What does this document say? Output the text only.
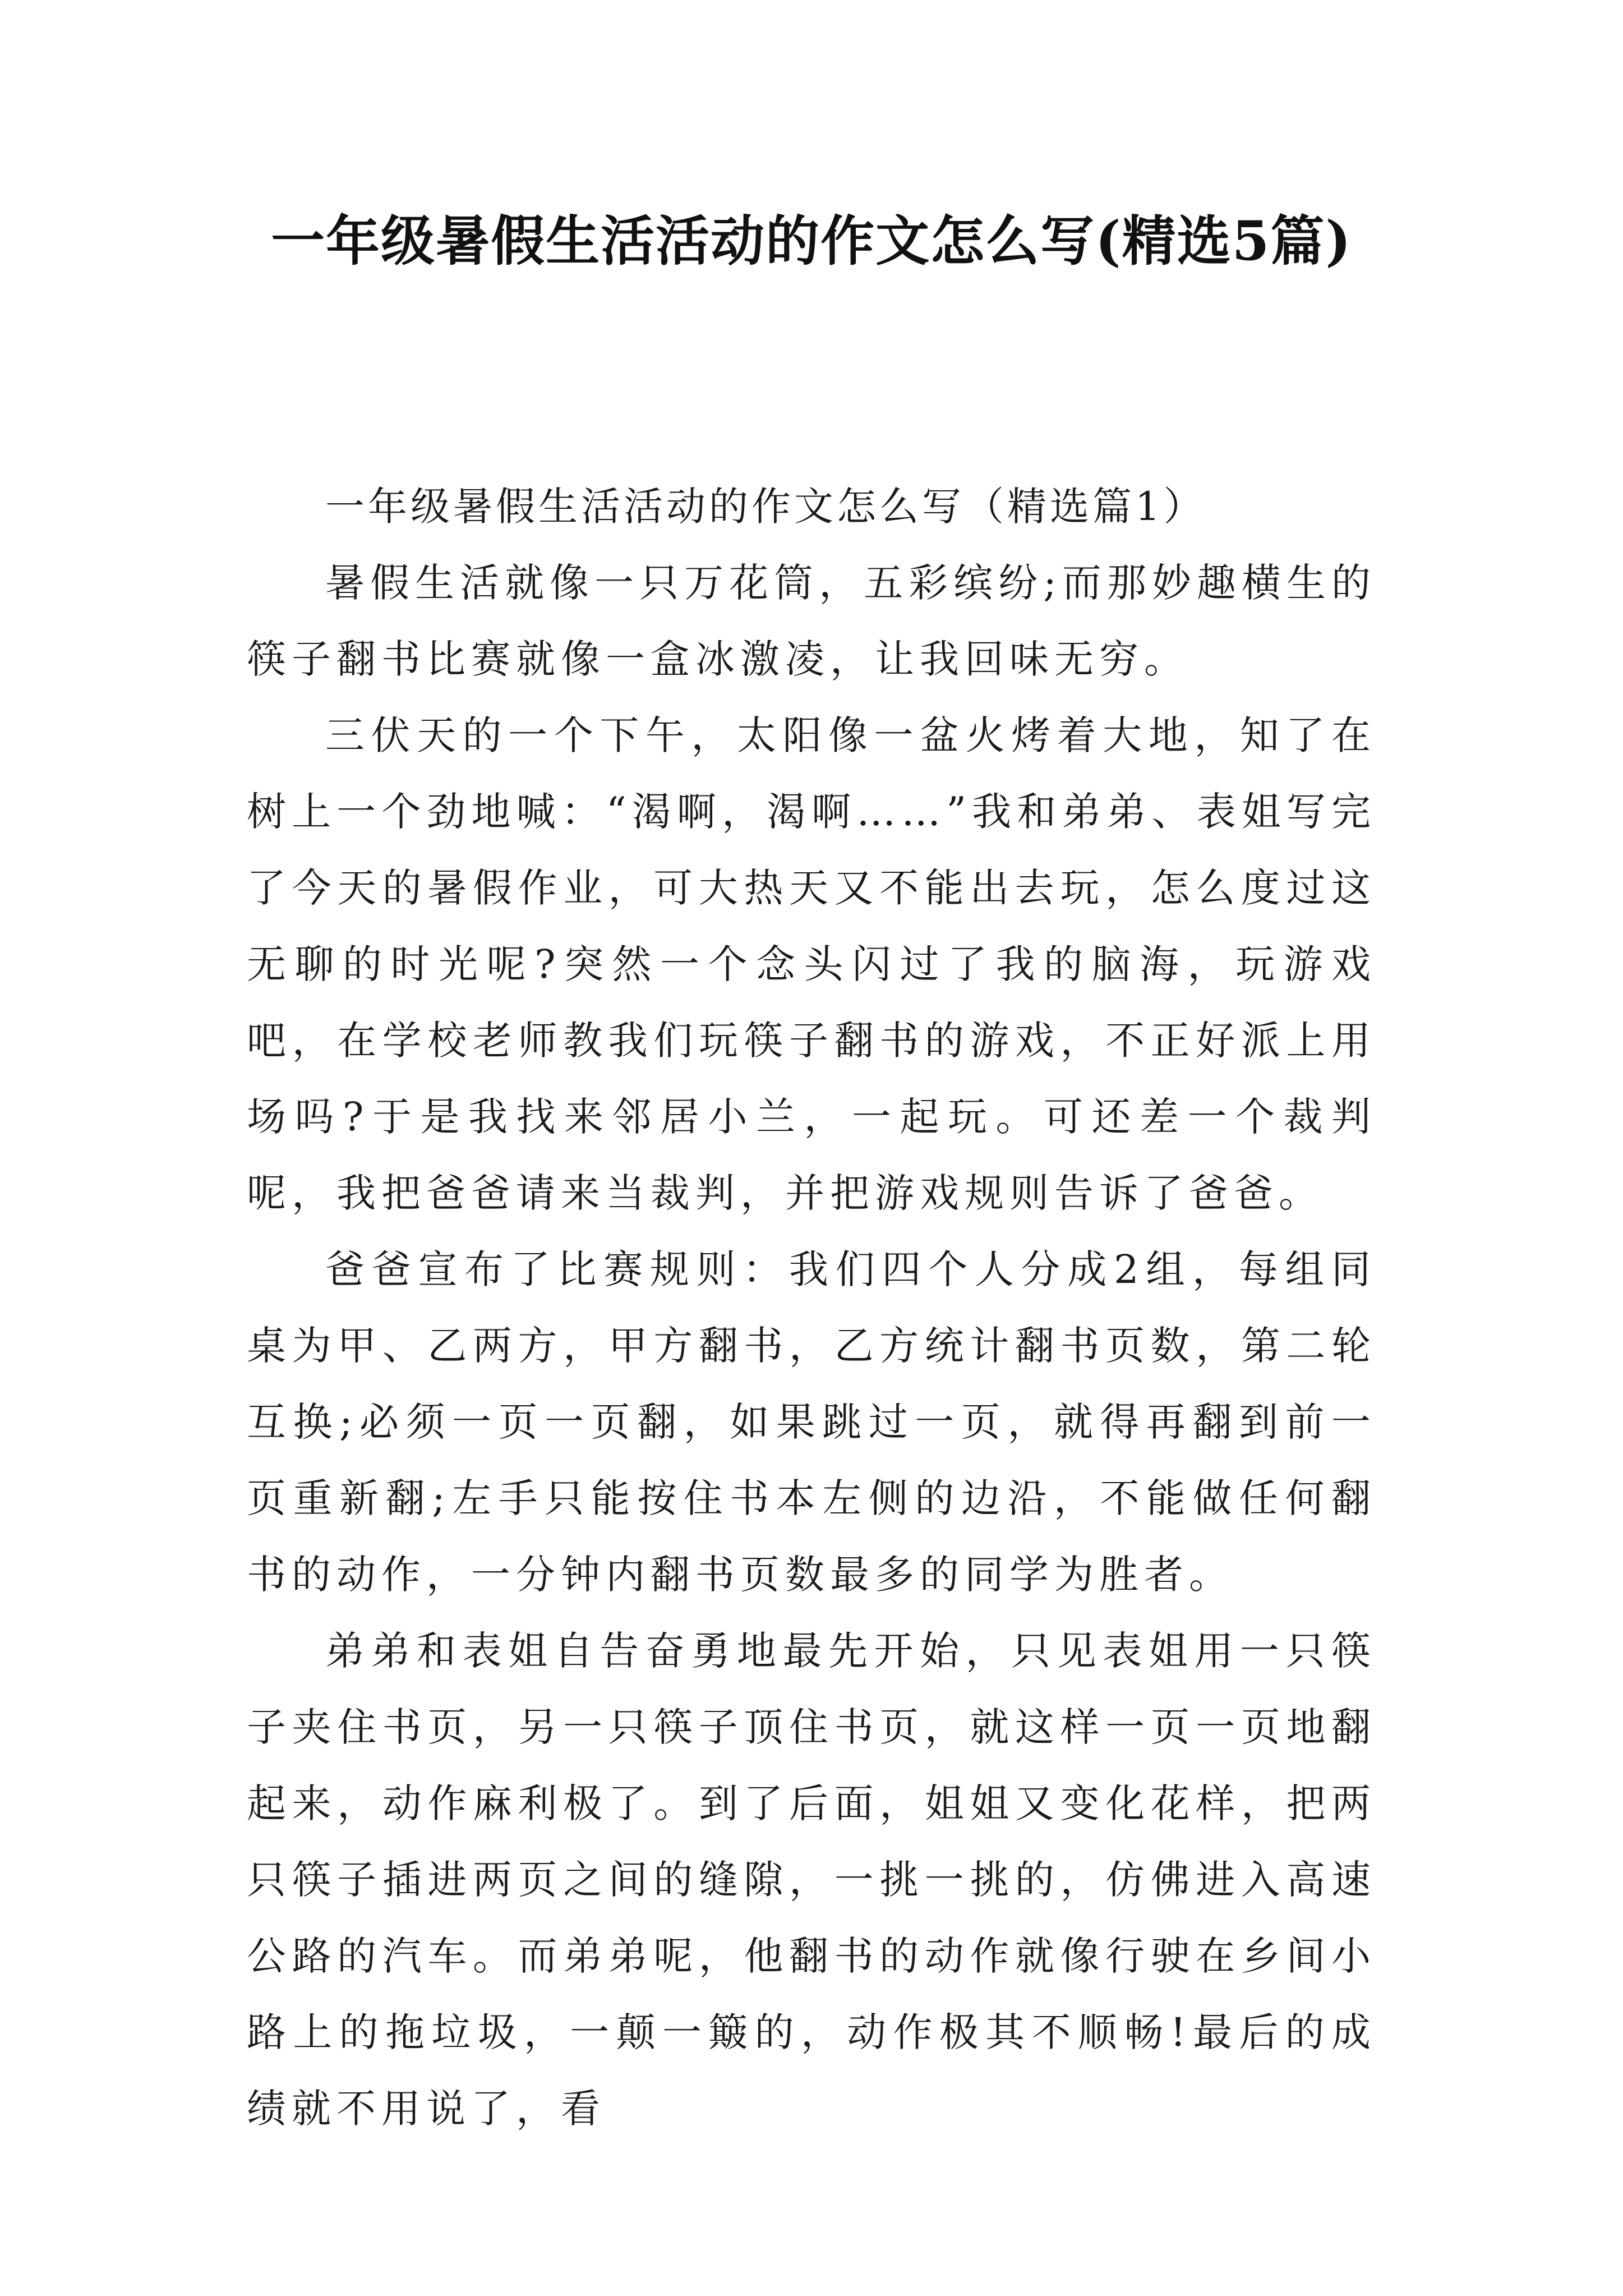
一年级暑假生活活动的作文怎么写(精选5篇)

一年级暑假生活活动的作文怎么写（精选篇1）

暑假生活就像一只万花筒，五彩缤纷;而那妙趣横生的筷子翻书比赛就像一盒冰激凌，让我回味无穷。

三伏天的一个下午，太阳像一盆火烤着大地，知了在树上一个劲地喊：“渴啊，渴啊……”我和弟弟、表姐写完了今天的暑假作业，可大热天又不能出去玩，怎么度过这无聊的时光呢?突然一个念头闪过了我的脑海，玩游戏吧，在学校老师教我们玩筷子翻书的游戏，不正好派上用场吗?于是我找来邻居小兰，一起玩。可还差一个裁判呢，我把爸爸请来当裁判，并把游戏规则告诉了爸爸。

爸爸宣布了比赛规则：我们四个人分成2组，每组同桌为甲、乙两方，甲方翻书，乙方统计翻书页数，第二轮互换;必须一页一页翻，如果跳过一页，就得再翻到前一页重新翻;左手只能按住书本左侧的边沿，不能做任何翻书的动作，一分钟内翻书页数最多的同学为胜者。

弟弟和表姐自告奋勇地最先开始，只见表姐用一只筷子夹住书页，另一只筷子顶住书页，就这样一页一页地翻起来，动作麻利极了。到了后面，姐姐又变化花样，把两只筷子插进两页之间的缝隙，一挑一挑的，仿佛进入高速公路的汽车。而弟弟呢，他翻书的动作就像行驶在乡间小路上的拖垃圾，一颠一簸的，动作极其不顺畅!最后的成绩就不用说了，看
